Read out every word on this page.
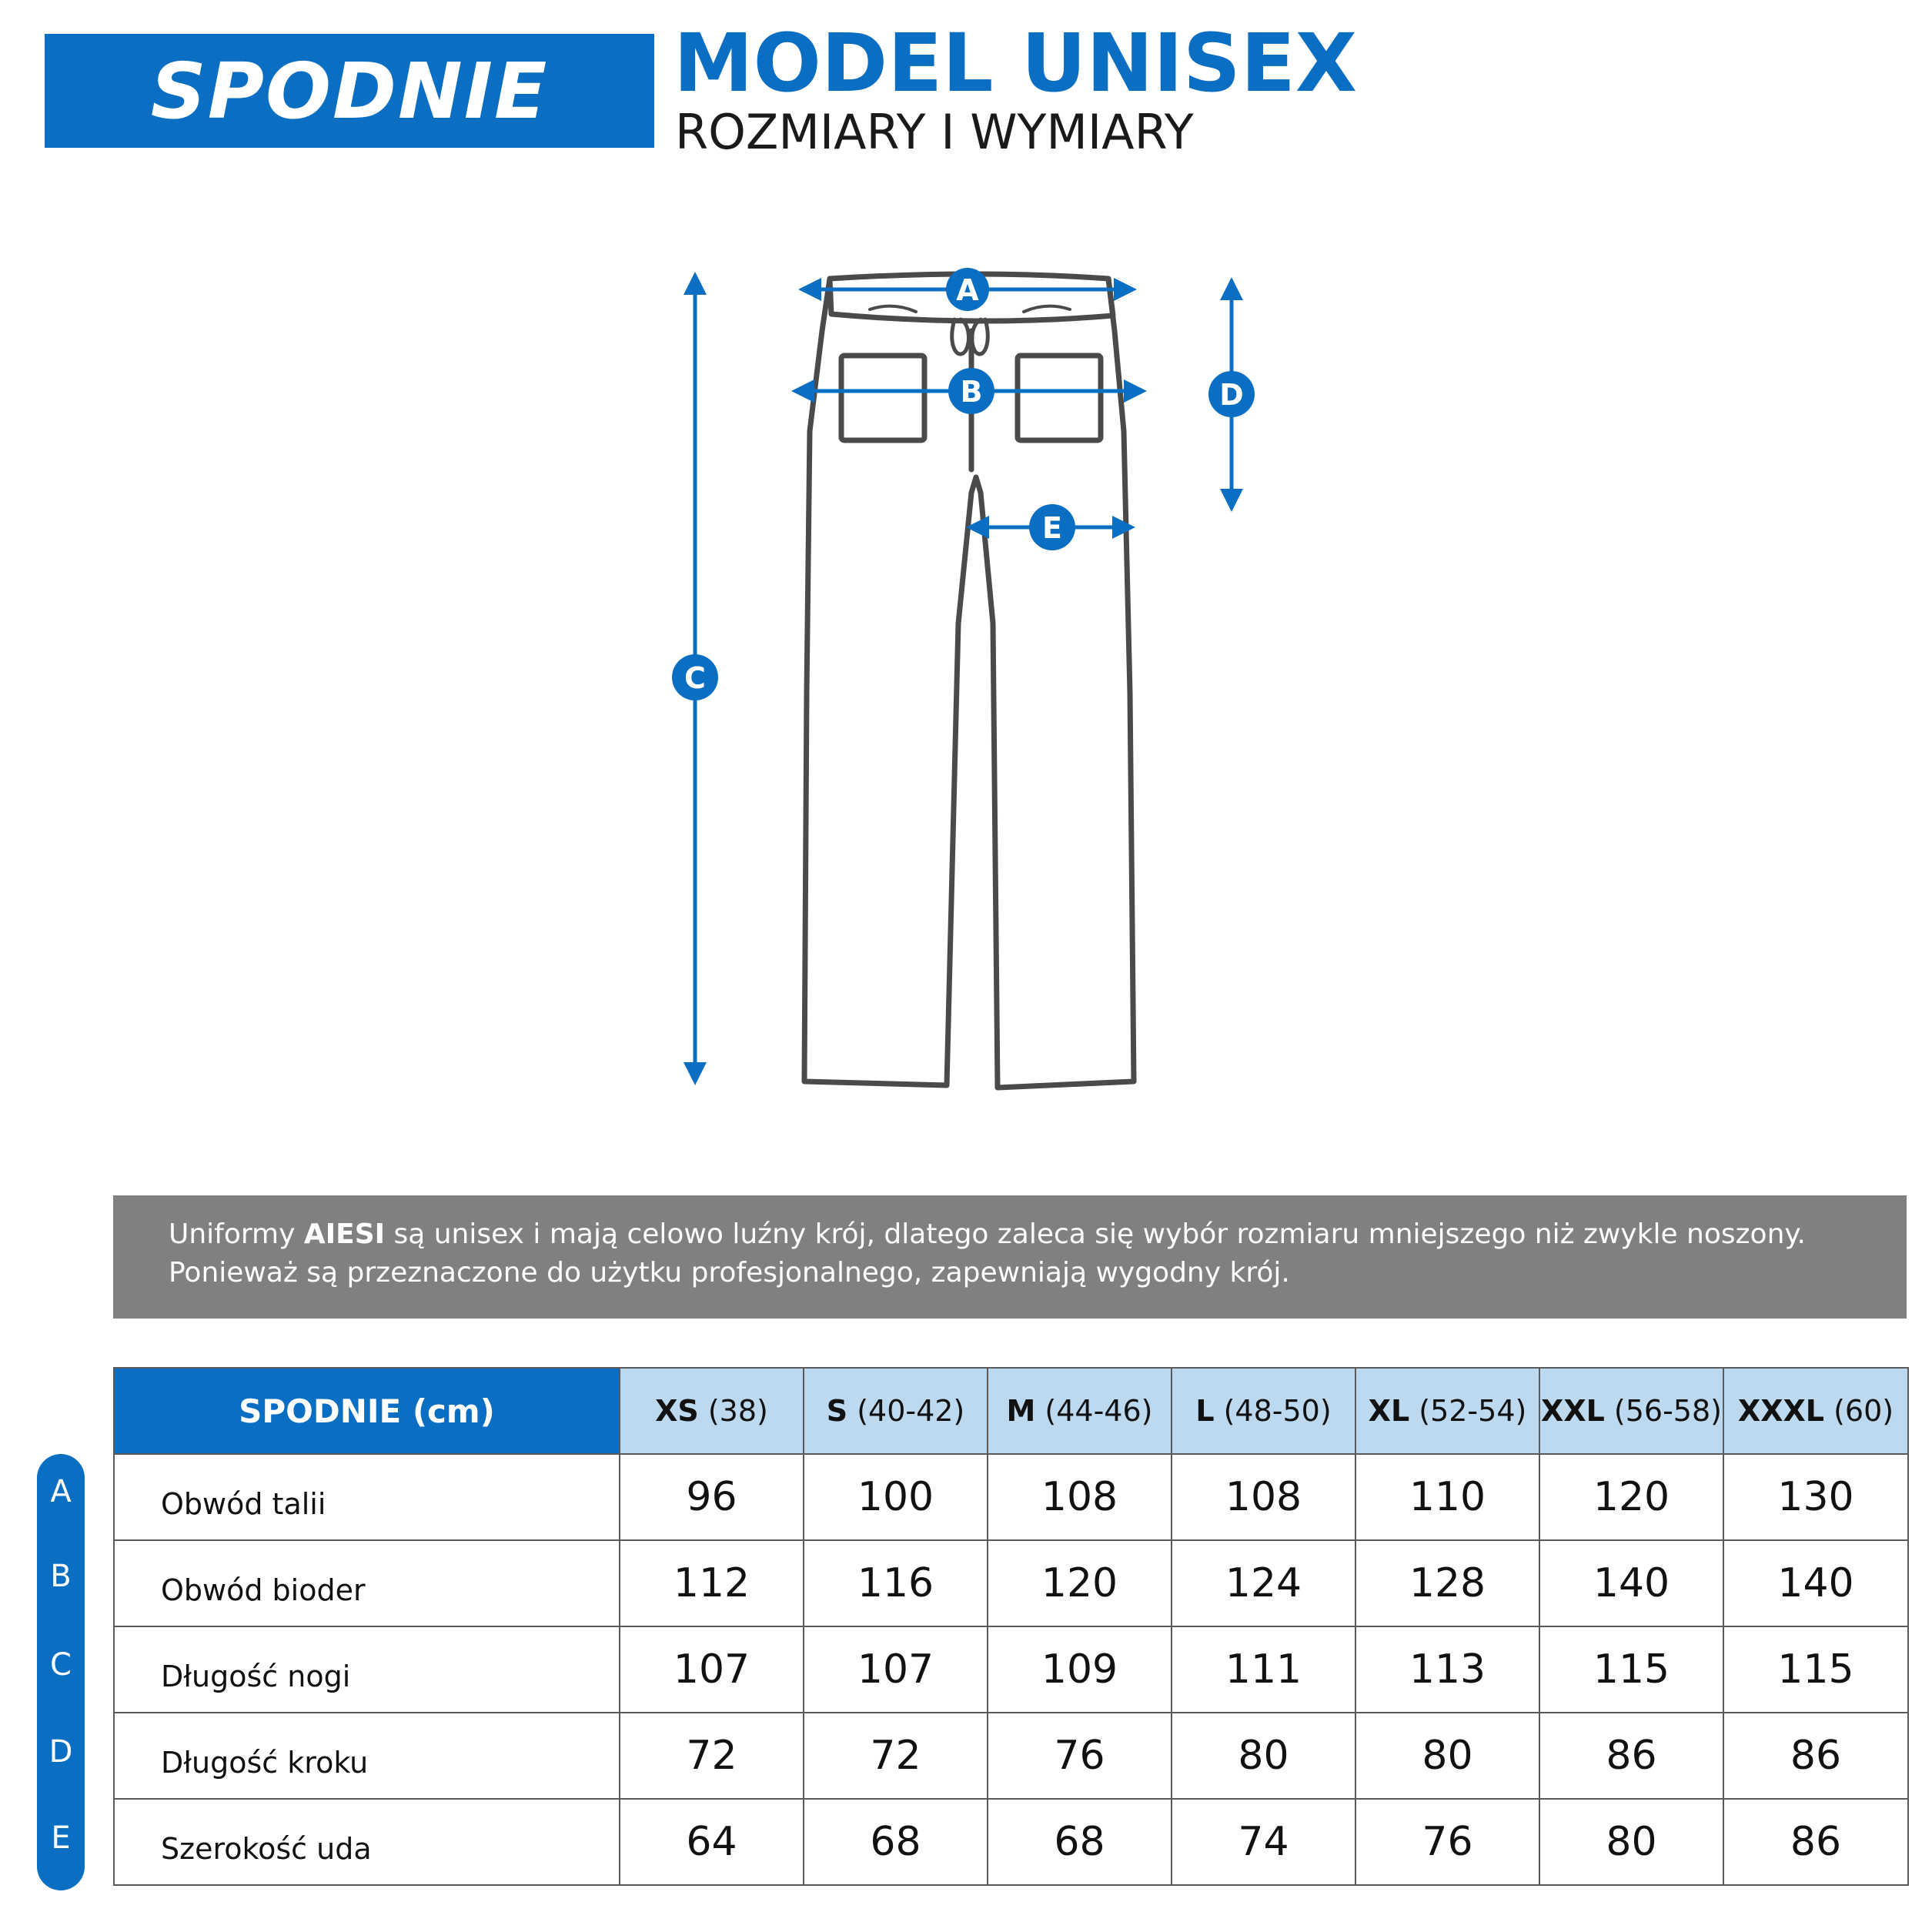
SPODNIE MODEL UNISEX
ROZMIARY I WYMIARY
A
B
C
D
E
Uniformy AIESI są unisex i mają celowo luźny krój, dlatego zaleca się wybór rozmiaru mniejszego niż zwykle noszony.
Ponieważ są przeznaczone do użytku profesjonalnego, zapewniają wygodny krój.
SPODNIE (cm)	XS (38)	S (40-42)	M (44-46)	L (48-50)	XL (52-54)	XXL (56-58)	XXXL (60)
Obwód talii	96	100	108	108	110	120	130
Obwód bioder	112	116	120	124	128	140	140
Długość nogi	107	107	109	111	113	115	115
Długość kroku	72	72	76	80	80	86	86
Szerokość uda	64	68	68	74	76	80	86
A
B
C
D
E
